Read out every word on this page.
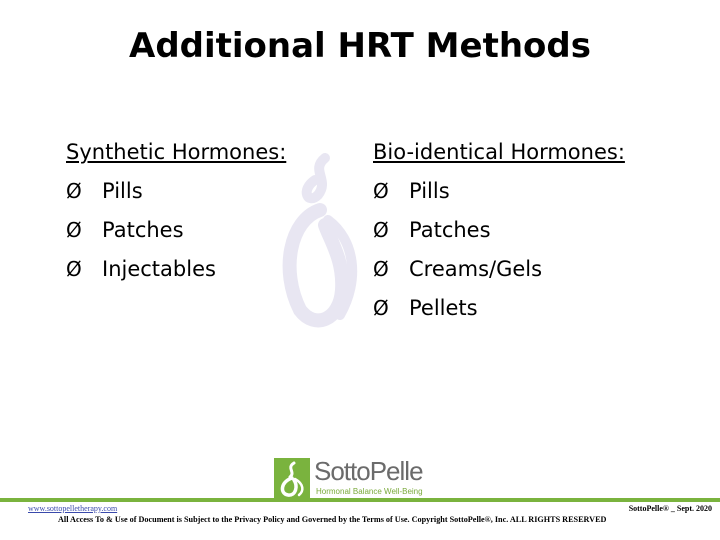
Additional HRT Methods
Synthetic Hormones:
Ø Pills
Ø Patches
Ø Injectables
Bio-identical Hormones:
Ø Pills
Ø Patches
Ø Creams/Gels
Ø Pellets
SottoPelle
Hormonal Balance Well-Being
www.sottopelletherapy.com	SottoPelle® _ Sept. 2020
All Access To & Use of Document is Subject to the Privacy Policy and Governed by the Terms of Use. Copyright SottoPelle®, Inc. ALL RIGHTS RESERVED
